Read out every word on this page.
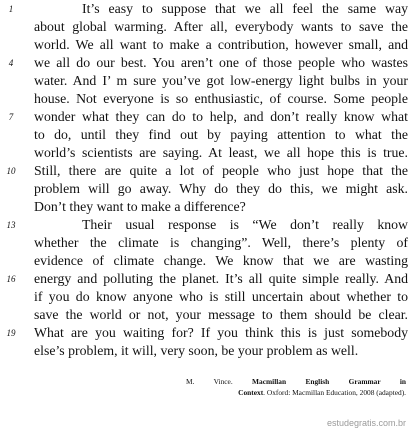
1
4
7
10
13
16
19
It’s easy to suppose that we all feel the same way
about global warming. After all, everybody wants to save the
world. We all want to make a contribution, however small, and
we all do our best. You aren’t one of those people who wastes
water. And I’ m sure you’ve got low-energy light bulbs in your
house. Not everyone is so enthusiastic, of course. Some people
wonder what they can do to help, and don’t really know what
to do, until they find out by paying attention to what the
world’s scientists are saying. At least, we all hope this is true.
Still, there are quite a lot of people who just hope that the
problem will go away. Why do they do this, we might ask.
Don’t they want to make a difference?
Their usual response is “We don’t really know
whether the climate is changing”. Well, there’s plenty of
evidence of climate change. We know that we are wasting
energy and polluting the planet. It’s all quite simple really. And
if you do know anyone who is still uncertain about whether to
save the world or not, your message to them should be clear.
What are you waiting for? If you think this is just somebody
else’s problem, it will, very soon, be your problem as well.
M. Vince. Macmillan English Grammar in
Context. Oxford: Macmillan Education, 2008 (adapted).
estudegratis.com.br
